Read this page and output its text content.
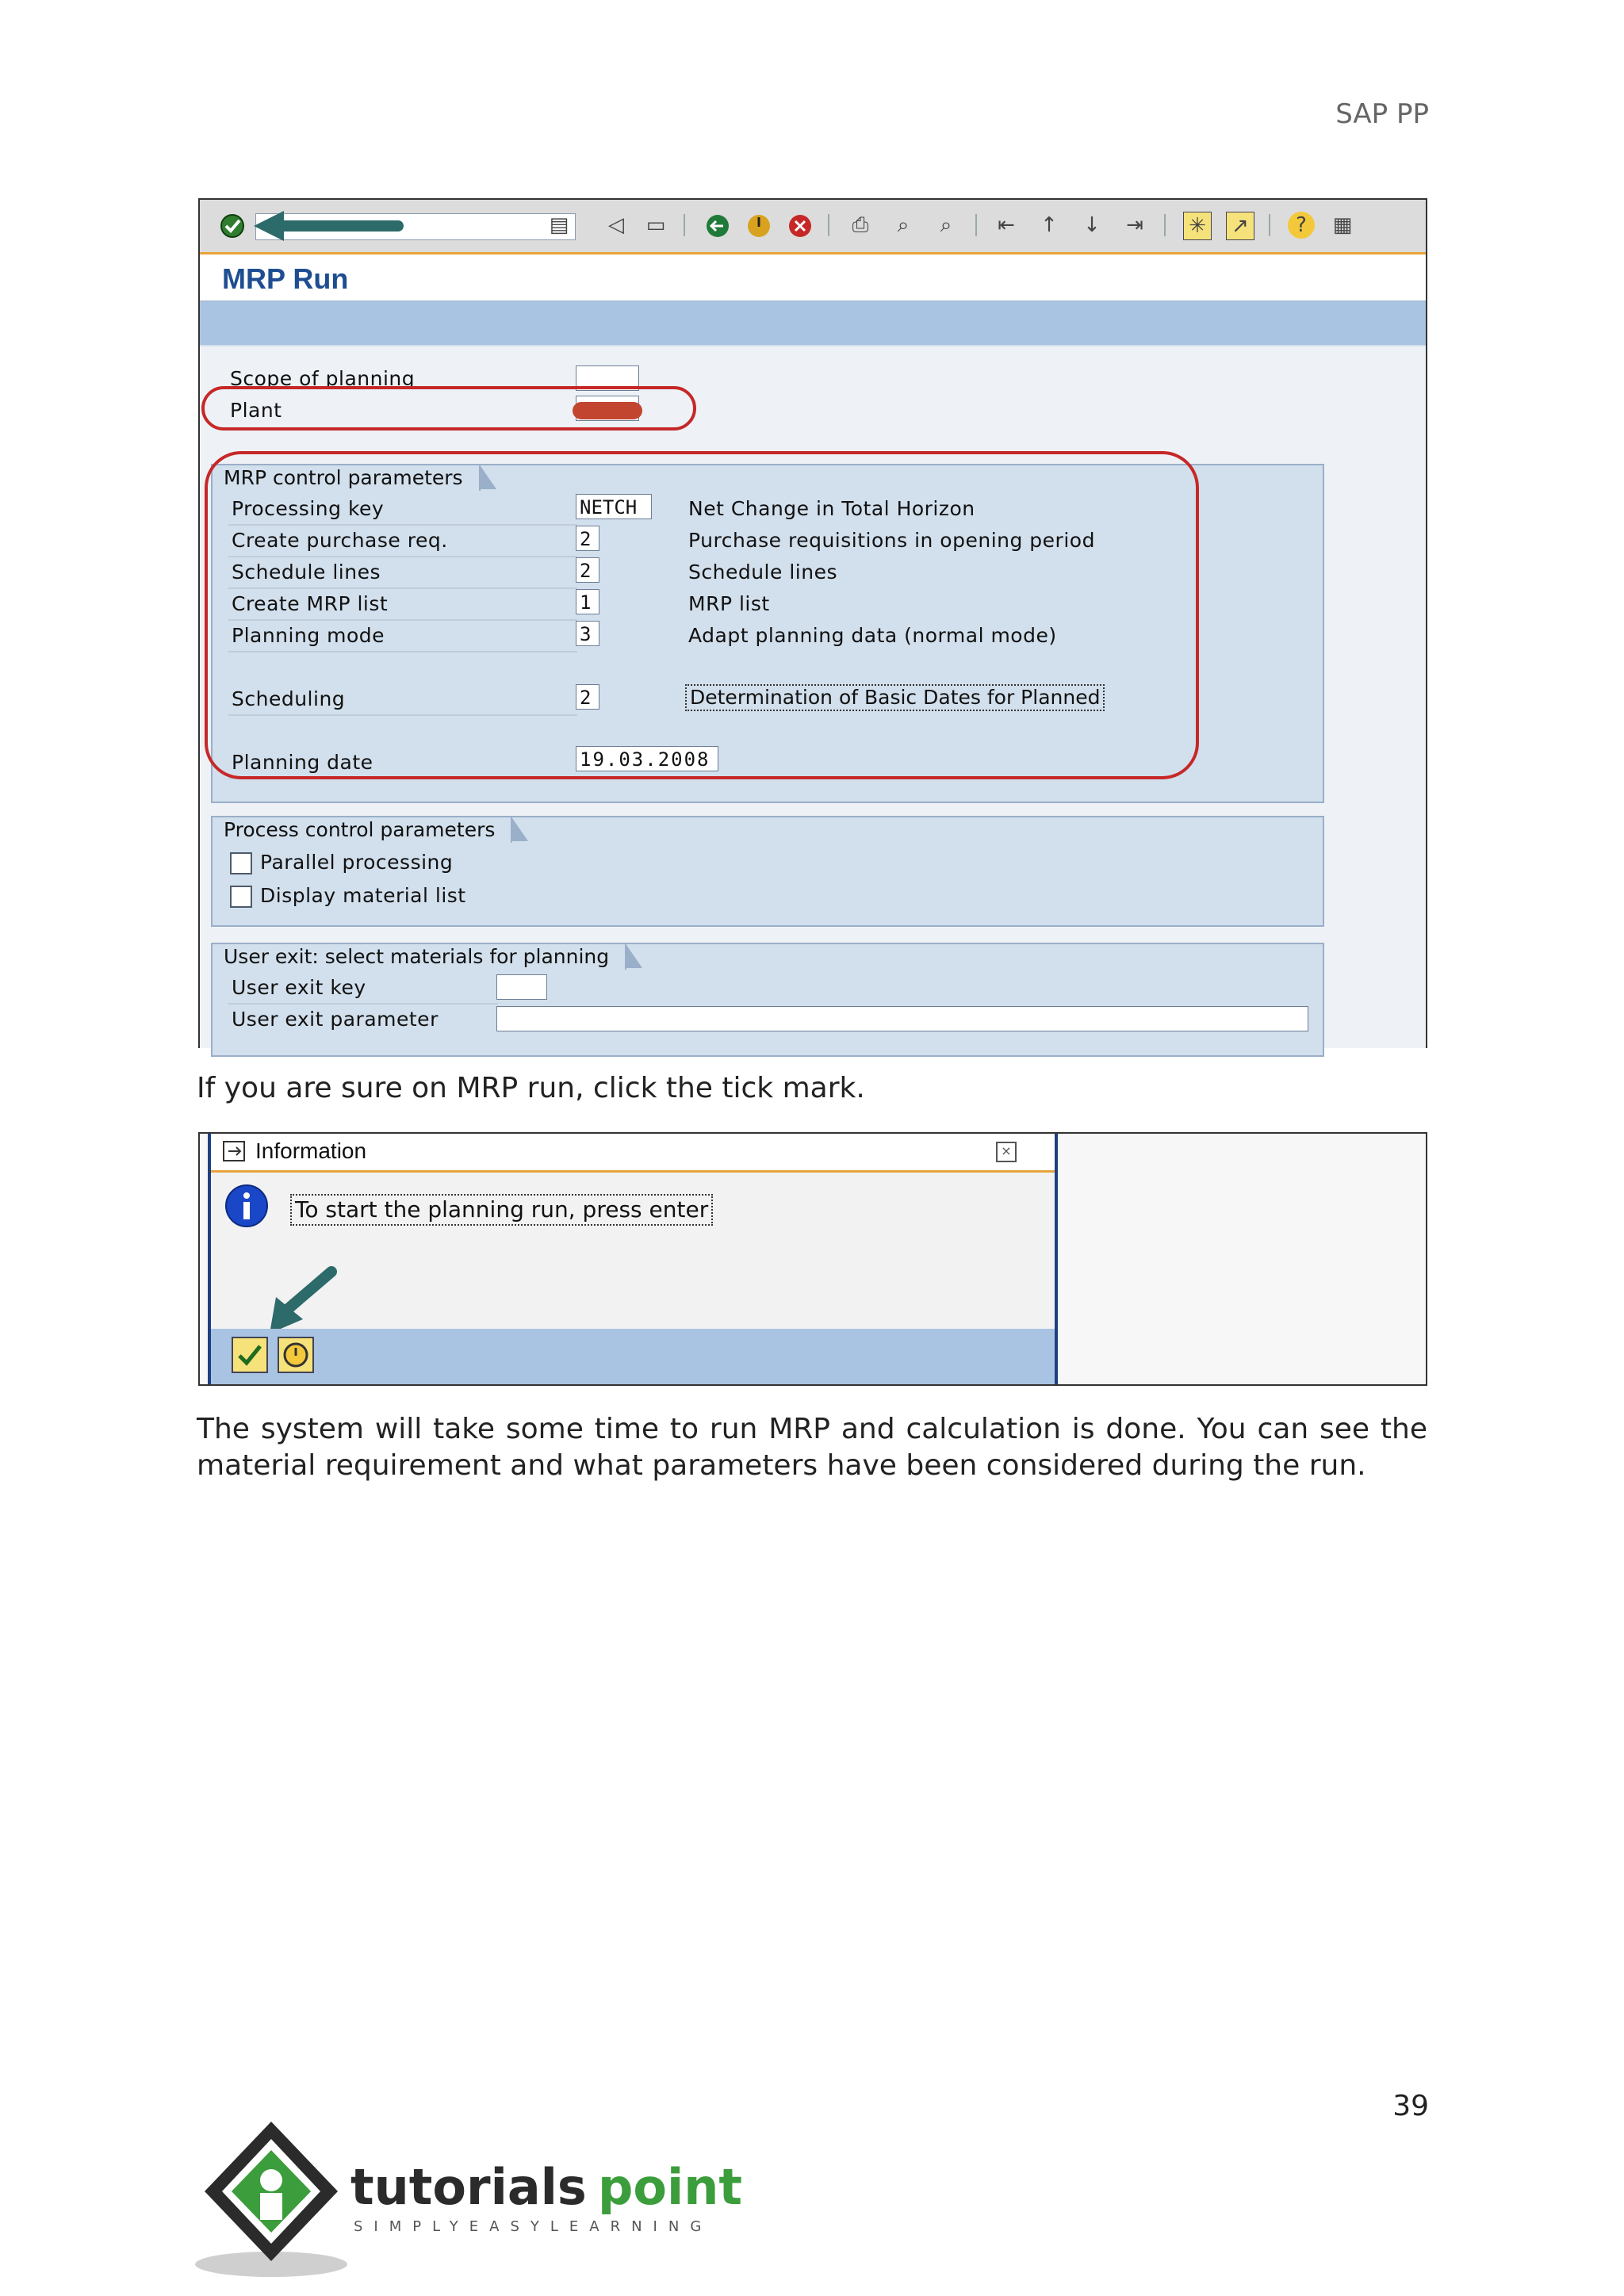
SAP PP
▤ ◁ ▭	⎙	⌕	⌕	⇤ ↑ ↓ ⇥ ✳ ↗	?	▦
MRP Run
Scope of planning
Plant
MRP control parameters
Processing key	NETCH	Net Change in Total Horizon
Create purchase req.	2	Purchase requisitions in opening period
Schedule lines	2	Schedule lines
Create MRP list	1	MRP list
Planning mode	3	Adapt planning data (normal mode)
Scheduling	2	Determination of Basic Dates for Planned
Planning date	19.03.2008
Process control parameters
Parallel processing
Display material list
User exit: select materials for planning
User exit key
User exit parameter
If you are sure on MRP run, click the tick mark.
Information	×
To start the planning run, press enter
The system will take some time to run MRP and calculation is done. You can see the material requirement and what parameters have been considered during the run.
39
tutorials point
SIMPLYEASYLEARNING
